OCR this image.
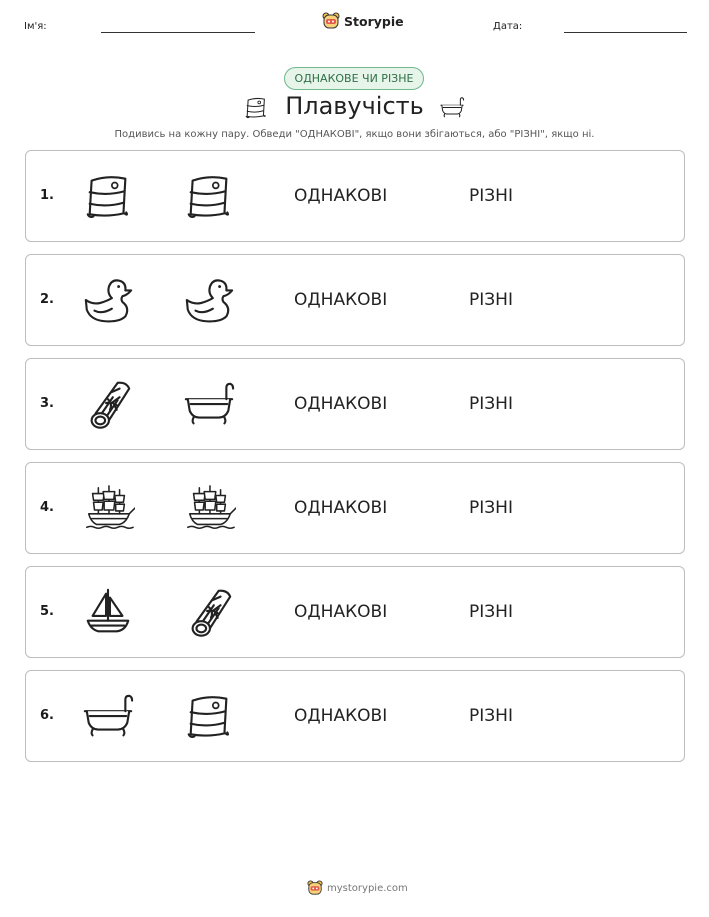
Ім'я:	Storypie	Дата:
ОДНАКОВЕ ЧИ РІЗНЕ
Плавучість
Подивись на кожну пару. Обведи "ОДНАКОВІ", якщо вони збігаються, або "РІЗНІ", якщо ні.
1.	ОДНАКОВІ	РІЗНІ
2.	ОДНАКОВІ	РІЗНІ
3.	ОДНАКОВІ	РІЗНІ
4.	ОДНАКОВІ	РІЗНІ
5.	ОДНАКОВІ	РІЗНІ
6.	ОДНАКОВІ	РІЗНІ
mystorypie.com
